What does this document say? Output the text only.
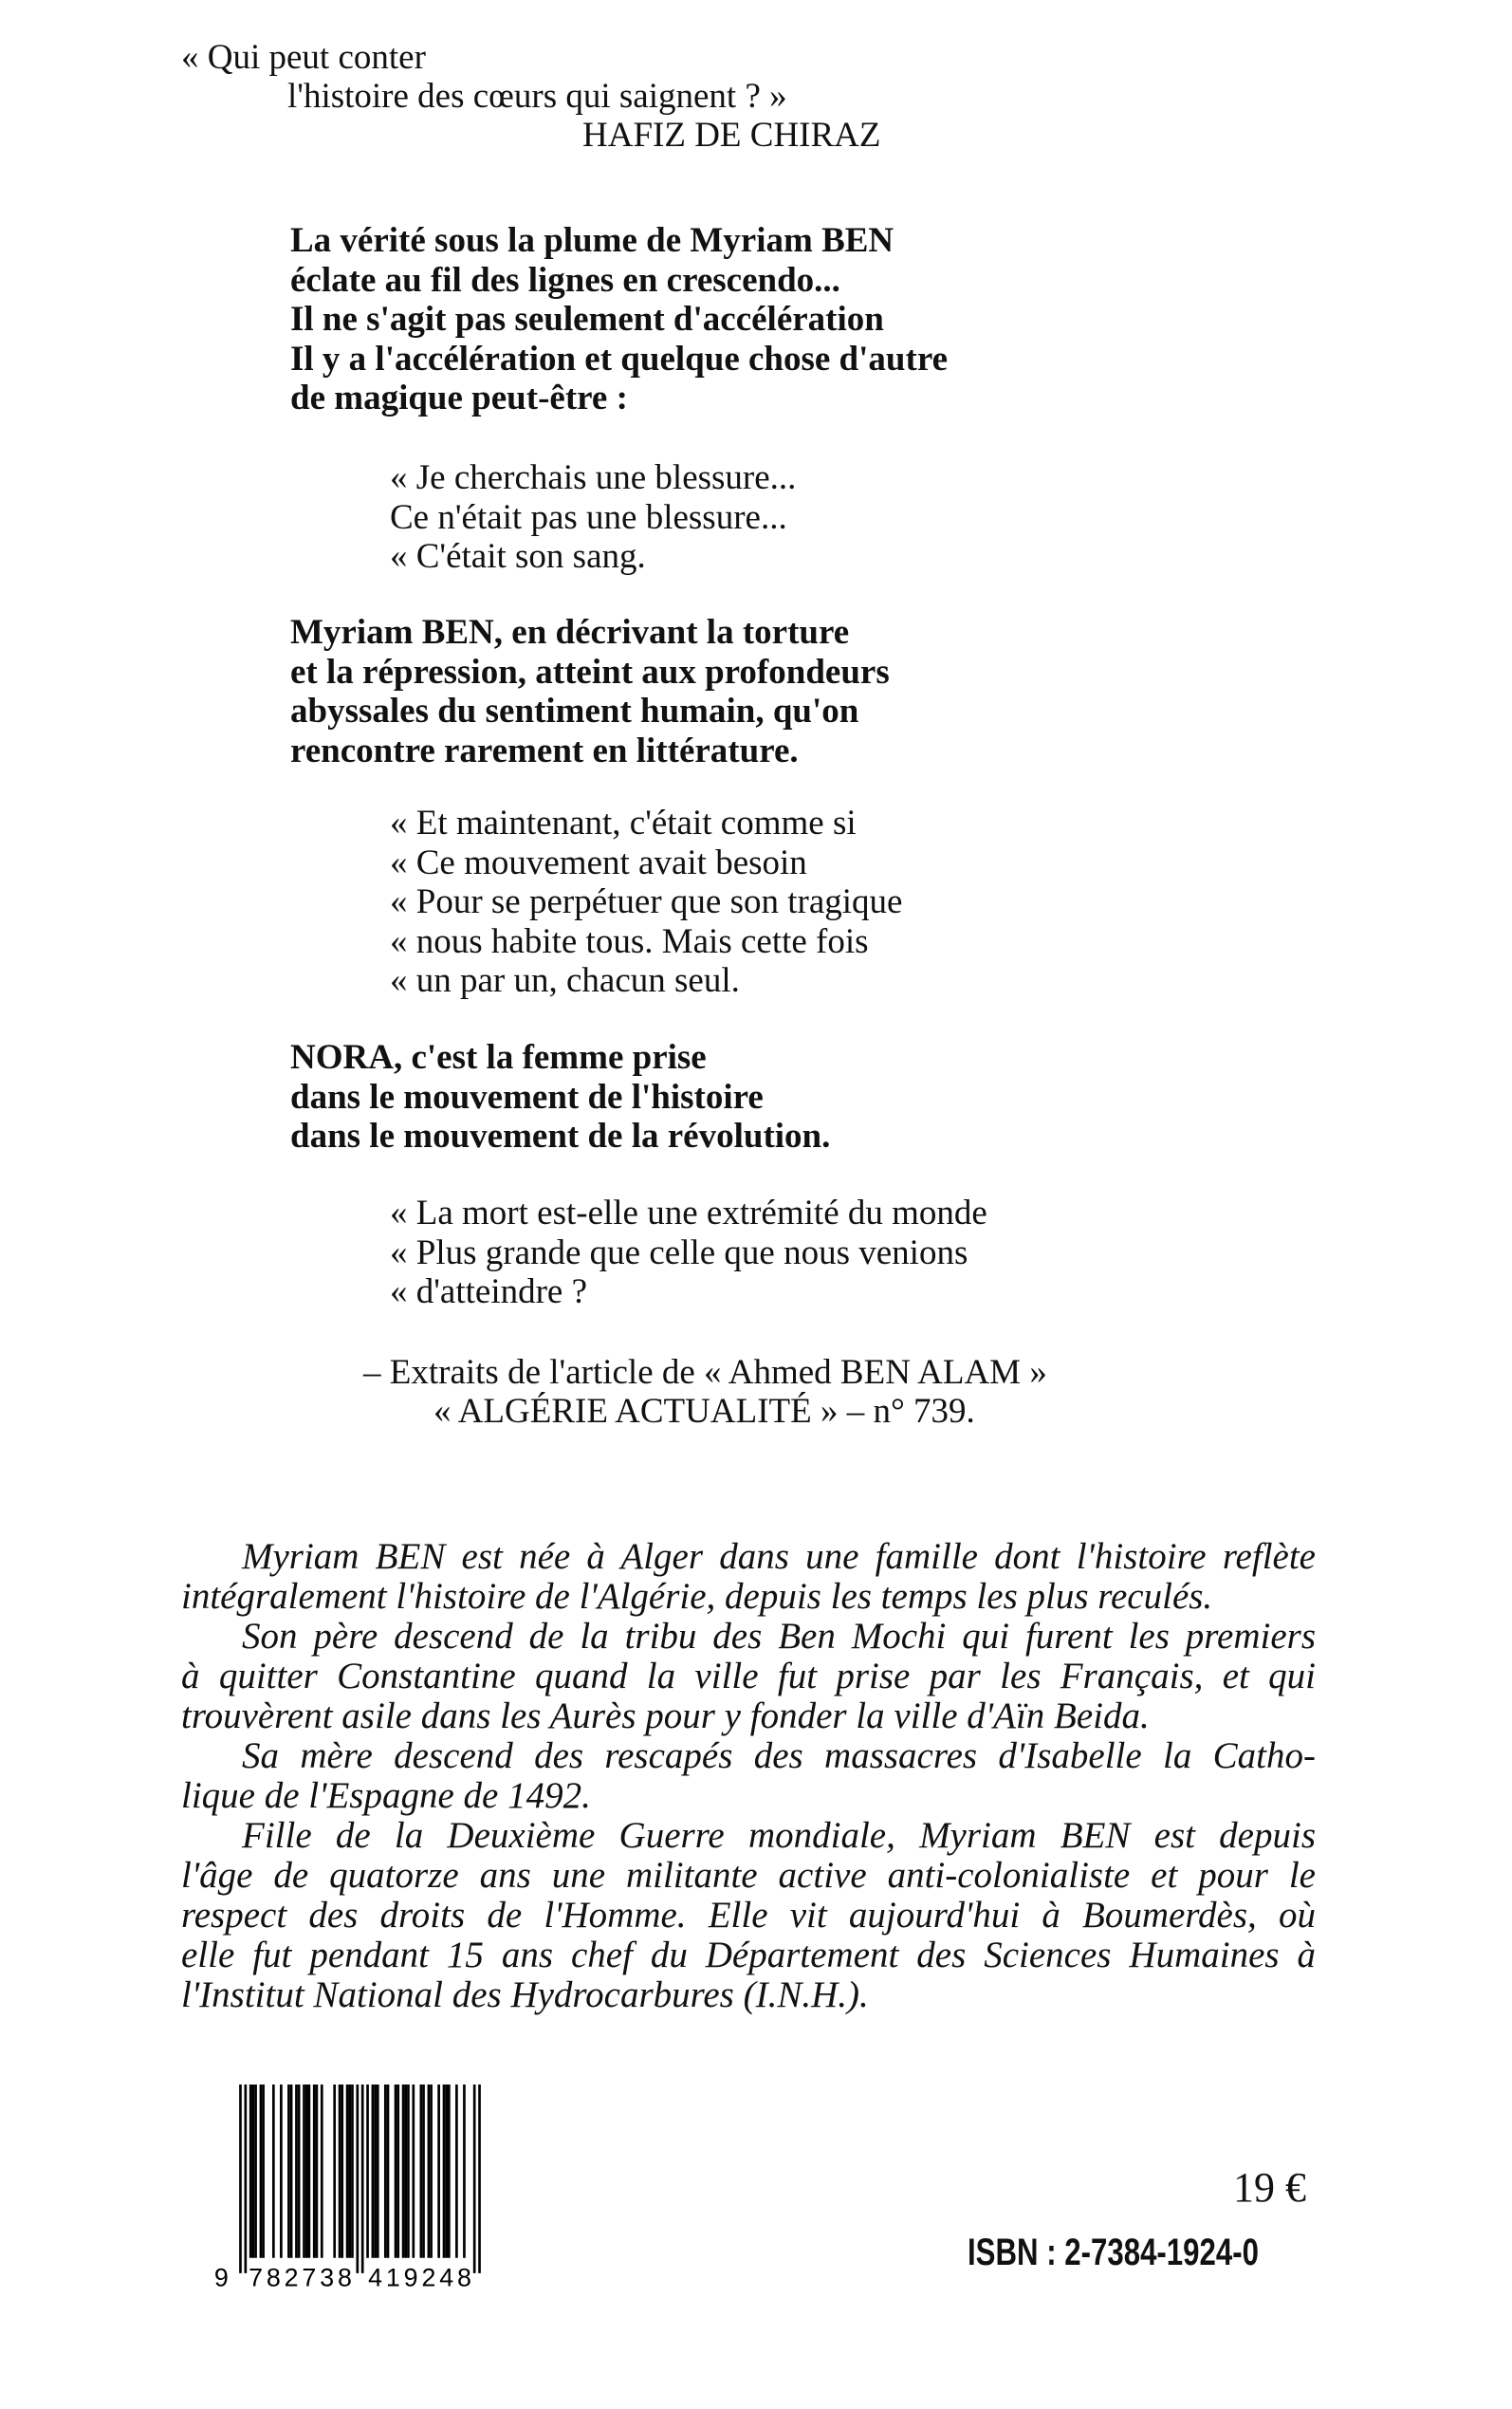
« Qui peut conter
l'histoire des cœurs qui saignent ? »
HAFIZ DE CHIRAZ
La vérité sous la plume de Myriam BEN
éclate au fil des lignes en crescendo...
Il ne s'agit pas seulement d'accélération
Il y a l'accélération et quelque chose d'autre
de magique peut-être :
« Je cherchais une blessure...
Ce n'était pas une blessure...
« C'était son sang.
Myriam BEN, en décrivant la torture
et la répression, atteint aux profondeurs
abyssales du sentiment humain, qu'on
rencontre rarement en littérature.
« Et maintenant, c'était comme si
« Ce mouvement avait besoin
« Pour se perpétuer que son tragique
« nous habite tous. Mais cette fois
« un par un, chacun seul.
NORA, c'est la femme prise
dans le mouvement de l'histoire
dans le mouvement de la révolution.
« La mort est-elle une extrémité du monde
« Plus grande que celle que nous venions
« d'atteindre ?
– Extraits de l'article de « Ahmed BEN ALAM »
« ALGÉRIE ACTUALITÉ » – n° 739.
Myriam BEN est née à Alger dans une famille dont l'histoire reflète
intégralement l'histoire de l'Algérie, depuis les temps les plus reculés.
Son père descend de la tribu des Ben Mochi qui furent les premiers
à quitter Constantine quand la ville fut prise par les Français, et qui
trouvèrent asile dans les Aurès pour y fonder la ville d'Aïn Beida.
Sa mère descend des rescapés des massacres d'Isabelle la Catho-
lique de l'Espagne de 1492.
Fille de la Deuxième Guerre mondiale, Myriam BEN est depuis
l'âge de quatorze ans une militante active anti-colonialiste et pour le
respect des droits de l'Homme. Elle vit aujourd'hui à Boumerdès, où
elle fut pendant 15 ans chef du Département des Sciences Humaines à
l'Institut National des Hydrocarbures (I.N.H.).
9 7 8 2 7 3 8 4 1 9 2 4 8
19 €
ISBN : 2-7384-1924-0
